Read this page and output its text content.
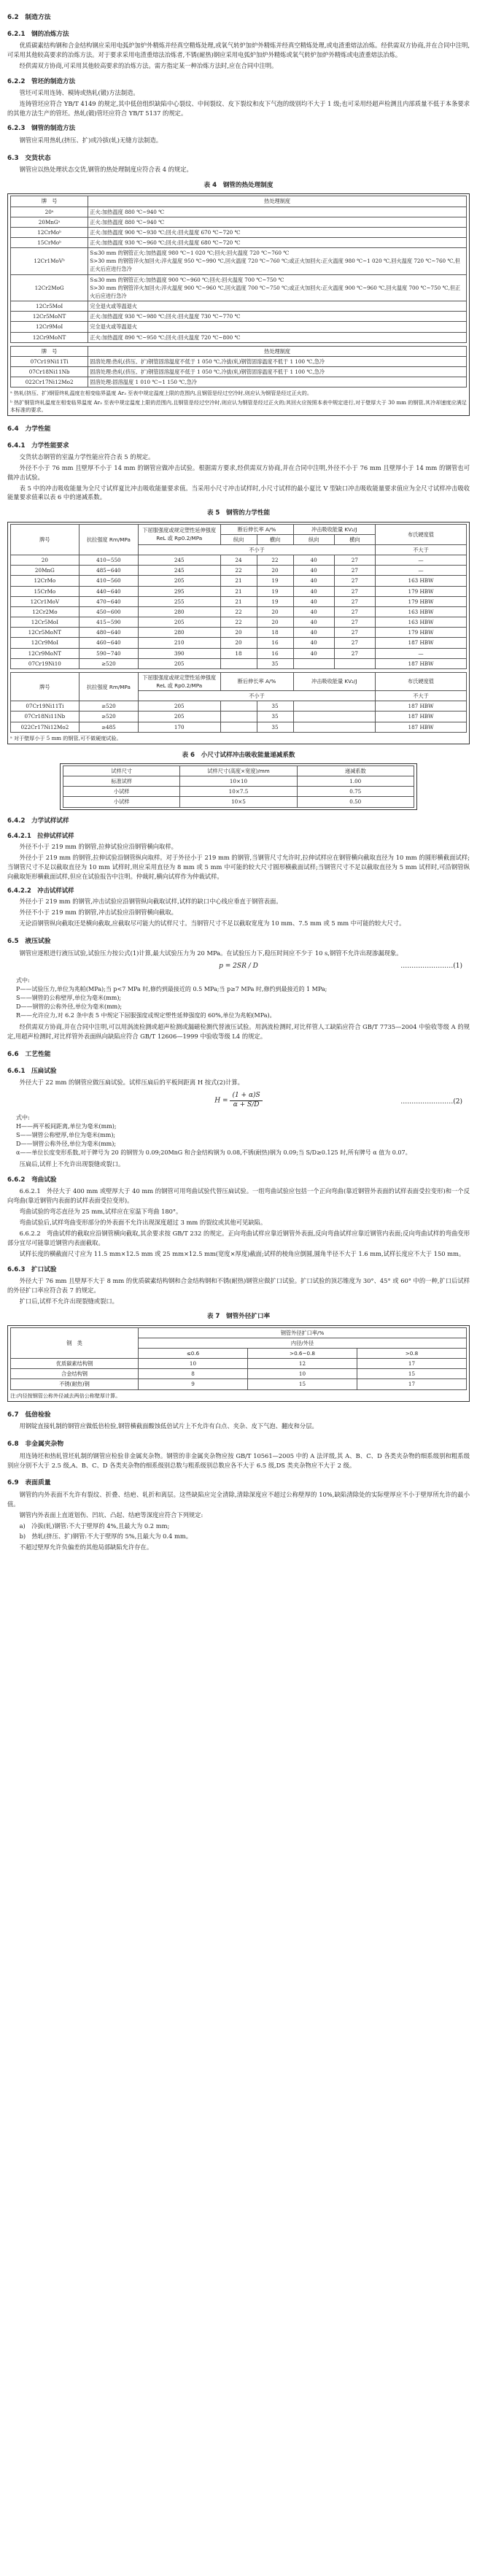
6.2　制造方法
6.2.1　钢的冶炼方法

优质碳素结构钢和合金结构钢应采用电弧炉加炉外精炼并经真空精炼处理,或氧气转炉加炉外精炼并经真空精炼处理,或电渣重熔法冶炼。经供需双方协商,并在合同中注明,可采用其他较高要求的冶炼方法。对于要求采用电渣重熔法冶炼者,不锈(耐热)钢应采用电弧炉加炉外精炼或氧气转炉加炉外精炼或电渣重熔法冶炼。

经供需双方协商,可采用其他较高要求的冶炼方法。需方指定某一种冶炼方法时,应在合同中注明。

6.2.2　管坯的制造方法

管坯可采用连铸、模铸或热轧(锻)方法制造。

连铸管坯应符合 YB/T 4149 的规定,其中低倍组织缺陷中心裂纹、中间裂纹、皮下裂纹和皮下气泡的级别均不大于 1 级;也可采用经超声检测且内部质量不低于本条要求的其他方法生产的管坯。热轧(锻)管坯应符合 YB/T 5137 的规定。

6.2.3　钢管的制造方法

钢管应采用热轧(挤压、扩)或冷拔(轧)无缝方法制造。

6.3　交货状态

钢管应以热处理状态交货,钢管的热处理制度应符合表 4 的规定。

表 4　钢管的热处理制度
牌　号	热处理制度
20ᵃ	正火:加热温度 880 ℃~940 ℃
20MnGᵃ	正火:加热温度 880 ℃~940 ℃
12CrMoᵇ	正火:加热温度 900 ℃~930 ℃;回火:回火温度 670 ℃~720 ℃
15CrMoᵇ	正火:加热温度 930 ℃~960 ℃;回火:回火温度 680 ℃~720 ℃
12Cr1MoVᵇ	S≤30 mm 的钢管正火:加热温度 980 ℃~1 020 ℃;回火:回火温度 720 ℃~760 ℃
S>30 mm 的钢管淬火加回火:淬火温度 950 ℃~990 ℃,回火温度 720 ℃~760 ℃;或正火加回火:正火温度 980 ℃~1 020 ℃,回火温度 720 ℃~760 ℃,但正火后应进行急冷
12Cr2MoG	S≤30 mm 的钢管正火:加热温度 900 ℃~960 ℃;回火:回火温度 700 ℃~750 ℃
S>30 mm 的钢管淬火加回火:淬火温度 900 ℃~960 ℃,回火温度 700 ℃~750 ℃;或正火加回火:正火温度 900 ℃~960 ℃,回火温度 700 ℃~750 ℃,但正火后应进行急冷
12Cr5MoI	完全退火或等温退火
12Cr5MoNT	正火:加热温度 930 ℃~980 ℃;回火:回火温度 730 ℃~770 ℃
12Cr9MoI	完全退火或等温退火
12Cr9MoNT	正火:加热温度 890 ℃~950 ℃;回火:回火温度 720 ℃~800 ℃
牌　号	热处理制度
07Cr19Ni11Ti	固溶处理:热轧(挤压、扩)钢管固溶温度不低于 1 050 ℃,冷拔(轧)钢管固溶温度不低于 1 100 ℃,急冷
07Cr18Ni11Nb	固溶处理:热轧(挤压、扩)钢管固溶温度不低于 1 050 ℃,冷拔(轧)钢管固溶温度不低于 1 100 ℃,急冷
022Cr17Ni12Mo2	固溶处理:固溶温度 1 010 ℃~1 150 ℃,急冷

ᵃ 热轧(挤压、扩)钢管终轧温度在相变临界温度 Ar₃ 至表中规定温度上限的范围内,且钢管是经过空冷时,则应认为钢管是经过正火的。

ᵇ 热扩钢管终轧温度在相变临界温度 Ar₃ 至表中规定温度上限的范围内,且钢管是经过空冷时,则应认为钢管是经过正火的;其回火应按照本表中规定进行,对于壁厚大于 30 mm 的钢管,其冷却速度应满足本标准的要求。

6.4　力学性能
6.4.1　力学性能要求

交货状态钢管的室温力学性能应符合表 5 的规定。

外径不小于 76 mm 且壁厚不小于 14 mm 的钢管应做冲击试验。根据需方要求,经供需双方协商,并在合同中注明,外径不小于 76 mm 且壁厚小于 14 mm 的钢管也可做冲击试验。

表 5 中的冲击吸收能量为全尺寸试样夏比冲击吸收能量要求值。当采用小尺寸冲击试样时,小尺寸试样的最小夏比 V 型缺口冲击吸收能量要求值应为全尺寸试样冲击吸收能量要求值乘以表 6 中的递减系数。

表 5　钢管的力学性能
牌号	抗拉强度 Rm/MPa	下屈服强度或规定塑性延伸强度 ReL 或 Rp0.2/MPa	断后伸长率 A/%		冲击吸收能量 KV₂/J		布氏硬度值
			纵向	横向	纵向	横向	
		不小于					不大于
20	410~550	245	24	22	40	27	—
20MnG	485~640	245	22	20	40	27	—
12CrMo	410~560	205	21	19	40	27	163 HBW
15CrMo	440~640	295	21	19	40	27	179 HBW
12Cr1MoV	470~640	255	21	19	40	27	179 HBW
12Cr2Mo	450~600	280	22	20	40	27	163 HBW
12Cr5MoI	415~590	205	22	20	40	27	163 HBW
12Cr5MoNT	480~640	280	20	18	40	27	179 HBW
12Cr9MoI	460~640	210	20	16	40	27	187 HBW
12Cr9MoNT	590~740	390	18	16	40	27	—
07Cr19Ni10	≥520	205		35			187 HBW
牌号	抗拉强度 Rm/MPa	下屈服强度或规定塑性延伸强度 ReL 或 Rp0.2/MPa	断后伸长率 A/%		冲击吸收能量 KV₂/J	布氏硬度值
		不小于				不大于
07Cr19Ni11Ti	≥520	205		35		187 HBW
07Cr18Ni11Nb	≥520	205		35		187 HBW
022Cr17Ni12Mo2	≥485	170		35		187 HBW

ᵃ 对于壁厚小于 5 mm 的钢管,可不做硬度试验。

表 6　小尺寸试样冲击吸收能量递减系数
试样尺寸	试样尺寸(高度×宽度)/mm	递减系数
标准试样	10×10	1.00
小试样	10×7.5	0.75
小试样	10×5	0.50
6.4.2　力学试样试样
6.4.2.1　拉伸试样试样

外径不小于 219 mm 的钢管,拉伸试验应沿钢管横向取样。

外径小于 219 mm 的钢管,拉伸试验沿钢管纵向取样。对于外径小于 219 mm 的钢管,当钢管尺寸允许时,拉伸试样应在钢管横向截取直径为 10 mm 的圆形横截面试样;当钢管尺寸不足以截取直径为 10 mm 试样时,则应采用直径为 8 mm 或 5 mm 中可能的较大尺寸圆形横截面试样;当钢管尺寸不足以截取直径为 5 mm 试样时,可沿钢管纵向截取矩形横截面试样,但应在试验报告中注明。仲裁时,横向试样作为仲裁试样。

6.4.2.2　冲击试样试样

外径小于 219 mm 的钢管,冲击试验应沿钢管纵向截取试样,试样的缺口中心线应垂直于钢管表面。

外径不小于 219 mm 的钢管,冲击试验应沿钢管横向截取。

无论沿钢管纵向截取还是横向截取,应截取尽可能大的试样尺寸。当钢管尺寸不足以截取宽度为 10 mm、7.5 mm 或 5 mm 中可能的较大尺寸。

6.5　液压试验

钢管应逐根进行液压试验,试验压力按公式(1)计算,最大试验压力为 20 MPa。在试验压力下,稳压时间应不少于 10 s,钢管不允许出现渗漏现象。

p = 2SR / D	……………………(1)
式中:
P——试验压力,单位为兆帕(MPa);当 p<7 MPa 时,修约到最接近的 0.5 MPa;当 p≥7 MPa 时,修约到最接近的 1 MPa;
S——钢管的公称壁厚,单位为毫米(mm);
D——钢管的公称外径,单位为毫米(mm);
R——允许应力,对 6.2 条中表 5 中规定下屈服强度或规定塑性延伸强度的 60%,单位为兆帕(MPa)。

经供需双方协商,并在合同中注明,可以用涡流检测或超声检测或漏磁检测代替液压试验。用涡流检测时,对比样管人工缺陷应符合 GB/T 7735—2004 中验收等级 A 的规定,用超声检测时,对比样管外表面纵向缺陷应符合 GB/T 12606—1999 中验收等级 L4 的规定。

6.6　工艺性能
6.6.1　压扁试验

外径大于 22 mm 的钢管应做压扁试验。试样压扁后的平板间距离 H 按式(2)计算。

$H = \frac{(1 + \alpha)S}{\alpha + S/D}$	……………………(2)
式中:
H——两平板间距离,单位为毫米(mm);
S——钢管公称壁厚,单位为毫米(mm);
D——钢管公称外径,单位为毫米(mm);
α——单位长度变形系数,对于牌号为 20 的钢管为 0.09;20MnG 和合金结构钢为 0.08,不锈(耐热)钢为 0.09;当 S/D≥0.125 时,所有牌号 α 值为 0.07。

压扁后,试样上不允许出现裂缝或裂口。

6.6.2　弯曲试验

6.6.2.1　外径大于 400 mm 或壁厚大于 40 mm 的钢管可用弯曲试验代替压扁试验。一组弯曲试验应包括一个正向弯曲(靠近钢管外表面的试样表面受拉变形)和一个反向弯曲(靠近钢管内表面的试样表面受拉变形)。

弯曲试验的弯芯直径为 25 mm,试样应在室温下弯曲 180°。

弯曲试验后,试样弯曲变形部分的外表面不允许出现深度超过 3 mm 的裂纹或其他可见缺陷。

6.6.2.2　弯曲试样的截取应沿钢管横向截取,其余要求按 GB/T 232 的规定。正向弯曲试样应靠近钢管外表面,反向弯曲试样应靠近钢管内表面;反向弯曲试样的弯曲变形部分宜尽可能靠近钢管内表面截取。

试样长度的横截面尺寸应为 11.5 mm×12.5 mm 或 25 mm×12.5 mm(宽度×厚度)截面;试样的棱角应倒圆,圆角半径不大于 1.6 mm,试样长度应不大于 150 mm。

6.6.3　扩口试验

外径大于 76 mm 且壁厚不大于 8 mm 的优质碳素结构钢和合金结构钢和不锈(耐热)钢管应做扩口试验。扩口试验的顶芯锥度为 30°、45° 或 60° 中的一种,扩口后试样的外径扩口率应符合表 7 的规定。

扩口后,试样不允许出现裂缝或裂口。

表 7　钢管外径扩口率
钢　类	钢管外径扩口率/%		
	内径/外径		
	≤0.6	>0.6~0.8	>0.8
优质碳素结构钢	10	12	17
合金结构钢	8	10	15
不锈(耐热)钢	9	15	17

注:内径按钢管公称外径减去两倍公称壁厚计算。

6.7　低倍检验

用钢锭直接轧制的钢管应做低倍检验,钢管横截面酸蚀低倍试片上不允许有白点、夹杂、皮下气泡、翻皮和分层。

6.8　非金属夹杂物

用连铸坯和热轧管坯轧制的钢管应检验非金属夹杂物。钢管的非金属夹杂物应按 GB/T 10561—2005 中的 A 法评级,其 A、B、C、D 各类夹杂物的细系级别和粗系级别应分别不大于 2.5 级,A、B、C、D 各类夹杂物的细系级别总数与粗系级别总数应各不大于 6.5 级,DS 类夹杂物应不大于 2 级。

6.9　表面质量

钢管的内外表面不允许有裂纹、折叠、结疤、轧折和离层。这些缺陷应完全清除,清除深度应不超过公称壁厚的 10%,缺陷清除处的实际壁厚应不小于壁厚所允许的最小值。

钢管内外表面上直道划伤、凹坑、凸起、结疤等深度应符合下列规定:

a)　冷拔(轧)钢管:不大于壁厚的 4%,且最大为 0.2 mm;

b)　热轧(挤压、扩)钢管:不大于壁厚的 5%,且最大为 0.4 mm。

不超过壁厚允许负偏差的其他局部缺陷允许存在。
